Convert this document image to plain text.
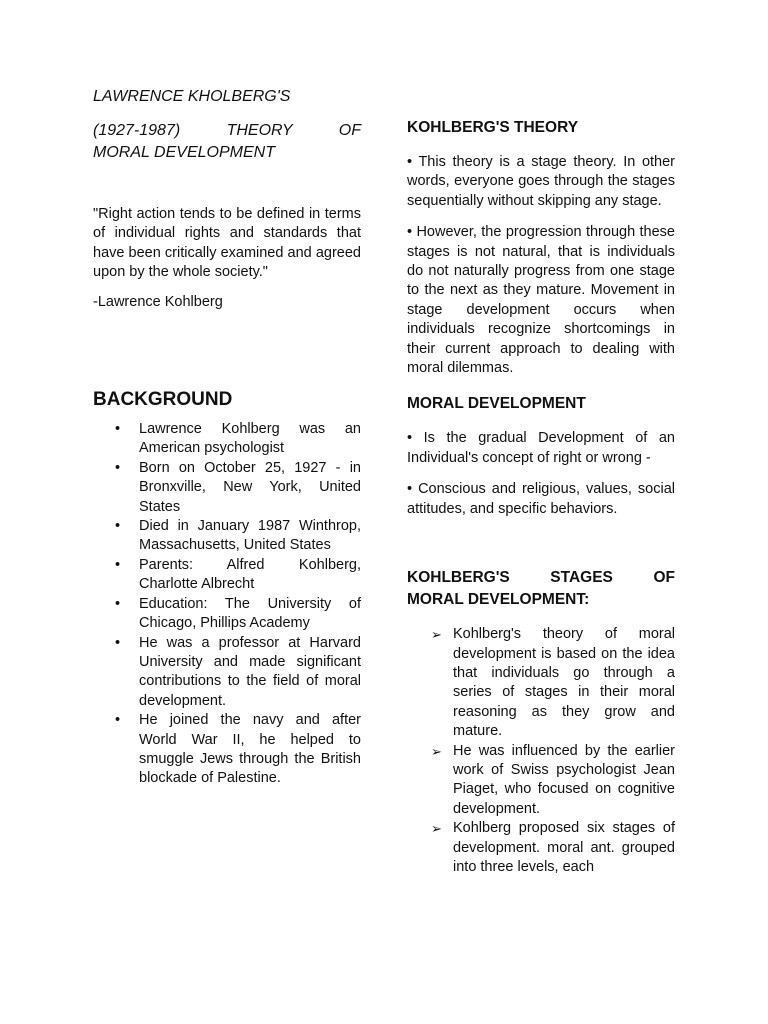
LAWRENCE KHOLBERG'S

(1927-1987)      THEORY      OF

MORAL DEVELOPMENT

"Right action tends to be defined in terms of individual rights and standards that have been critically examined and agreed upon by the whole society."

-Lawrence Kohlberg

BACKGROUND
• Lawrence Kohlberg was an American psychologist
• Born on October 25, 1927 - in Bronxville, New York, United States
• Died in January 1987 Winthrop, Massachusetts, United States
• Parents: Alfred Kohlberg, Charlotte Albrecht
• Education: The University of Chicago, Phillips Academy
• He was a professor at Harvard University and made significant contributions to the field of moral development.
• He joined the navy and after World War II, he helped to smuggle Jews through the British blockade of Palestine.

KOHLBERG'S THEORY

• This theory is a stage theory. In other words, everyone goes through the stages sequentially without skipping any stage.

• However, the progression through these stages is not natural, that is individuals do not naturally progress from one stage to the next as they mature. Movement in stage development occurs when individuals recognize shortcomings in their current approach to dealing with moral dilemmas.

MORAL DEVELOPMENT

• Is the gradual Development of an Individual's concept of right or wrong -

• Conscious and religious, values, social attitudes, and specific behaviors.

KOHLBERG'S     STAGES     OF

MORAL DEVELOPMENT:

➢ Kohlberg's theory of moral development is based on the idea that individuals go through a series of stages in their moral reasoning as they grow and mature.
➢ He was influenced by the earlier work of Swiss psychologist Jean Piaget, who focused on cognitive development.
➢ Kohlberg proposed six stages of development. moral ant. grouped into three levels, each
